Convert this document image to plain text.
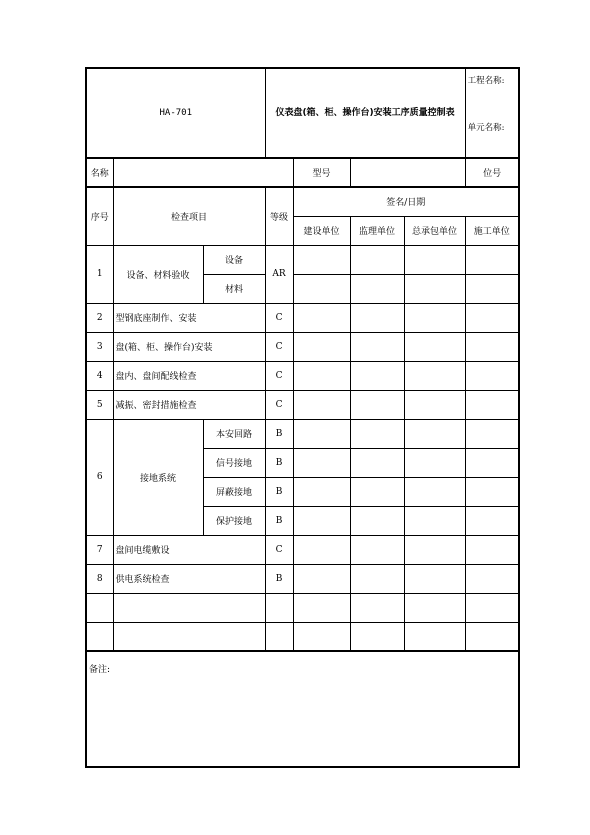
HA-701		仪表盘(箱、柜、操作台)安装工序质量控制表			工程名称:
单元名称:	

名称			型号		位号	
序号	检查项目		等级	签名/日期			
				建设单位	监理单位	总承包单位	施工单位
1	设备、材料验收	设备	AR				
		材料					
2	型钢底座制作、安装		C				
3	盘(箱、柜、操作台)安装		C				
4	盘内、盘间配线检查		C				
5	减振、密封措施检查		C				
6	接地系统	本安回路	B				
		信号接地	B				
		屏蔽接地	B				
		保护接地	B				
7	盘间电缆敷设		C				
8	供电系统检查		B				

备注:							
